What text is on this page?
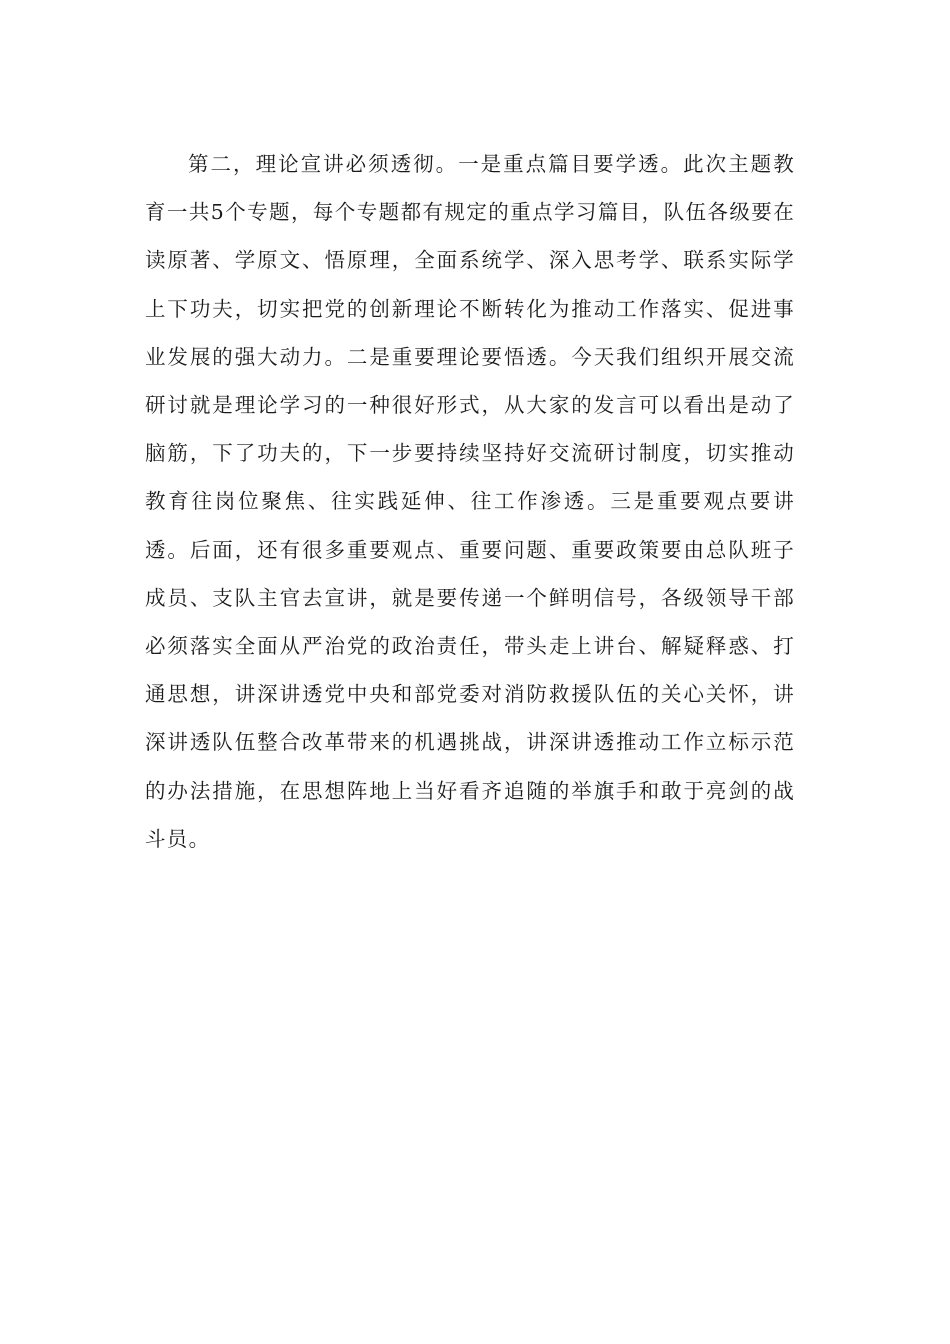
第二，理论宣讲必须透彻。一是重点篇目要学透。此次主题教育一共5个专题，每个专题都有规定的重点学习篇目，队伍各级要在读原著、学原文、悟原理，全面系统学、深入思考学、联系实际学上下功夫，切实把党的创新理论不断转化为推动工作落实、促进事业发展的强大动力。二是重要理论要悟透。今天我们组织开展交流研讨就是理论学习的一种很好形式，从大家的发言可以看出是动了脑筋，下了功夫的，下一步要持续坚持好交流研讨制度，切实推动教育往岗位聚焦、往实践延伸、往工作渗透。三是重要观点要讲透。后面，还有很多重要观点、重要问题、重要政策要由总队班子成员、支队主官去宣讲，就是要传递一个鲜明信号，各级领导干部必须落实全面从严治党的政治责任，带头走上讲台、解疑释惑、打通思想，讲深讲透党中央和部党委对消防救援队伍的关心关怀，讲深讲透队伍整合改革带来的机遇挑战，讲深讲透推动工作立标示范的办法措施，在思想阵地上当好看齐追随的举旗手和敢于亮剑的战斗员。
